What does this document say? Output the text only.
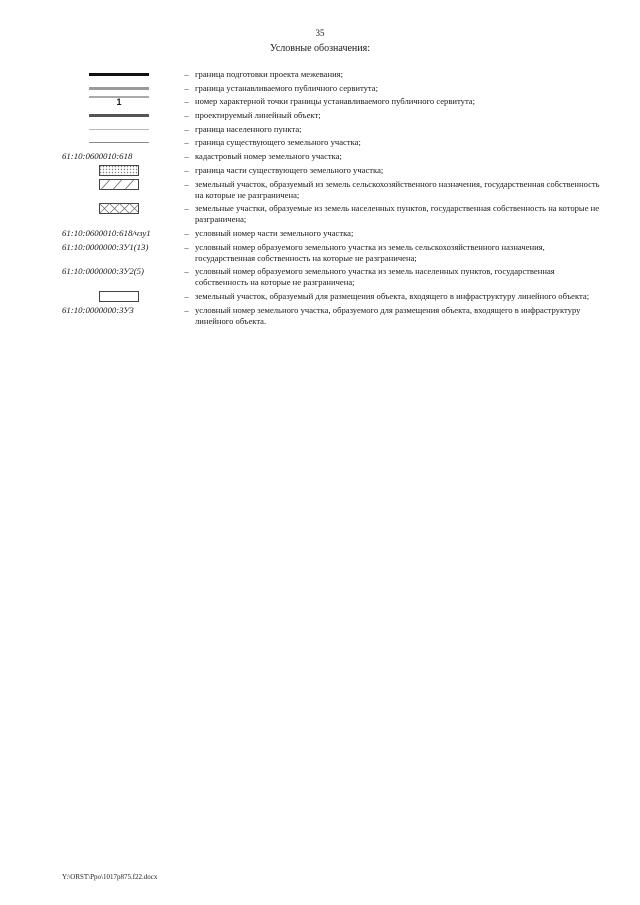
35
Условные обозначения:
– граница подготовки проекта межевания;
– граница устанавливаемого публичного сервитута;
1	– номер характерной точки границы устанавливаемого публичного сервитута;
– проектируемый линейный объект;
– граница населенного пункта;
– граница существующего земельного участка;
61:10:0600010:618	– кадастровый номер земельного участка;
– граница части существующего земельного участка;
– земельный участок, образуемый из земель сельскохозяйственного назначения, государственная собственность на которые не разграничена;
– земельные участки, образуемые из земель населенных пунктов, государственная собственность на которые не разграничена;
61:10:0600010:618/чзу1	– условный номер части земельного участка;
61:10:0000000:ЗУ1(13)	– условный номер образуемого земельного участка из земель сельскохозяйственного назначения, государственная собственность на которые не разграничена;
61:10:0000000:ЗУ2(5)	– условный номер образуемого земельного участка из земель населенных пунктов, государственная собственность на которые не разграничена;
– земельный участок, образуемый для размещения объекта, входящего в инфраструктуру линейного объекта;
61:10:0000000:ЗУ3	– условный номер земельного участка, образуемого для размещения объекта, входящего в инфраструктуру линейного объекта.
Y:\ORST\Ppo\1017p875.f22.docx
